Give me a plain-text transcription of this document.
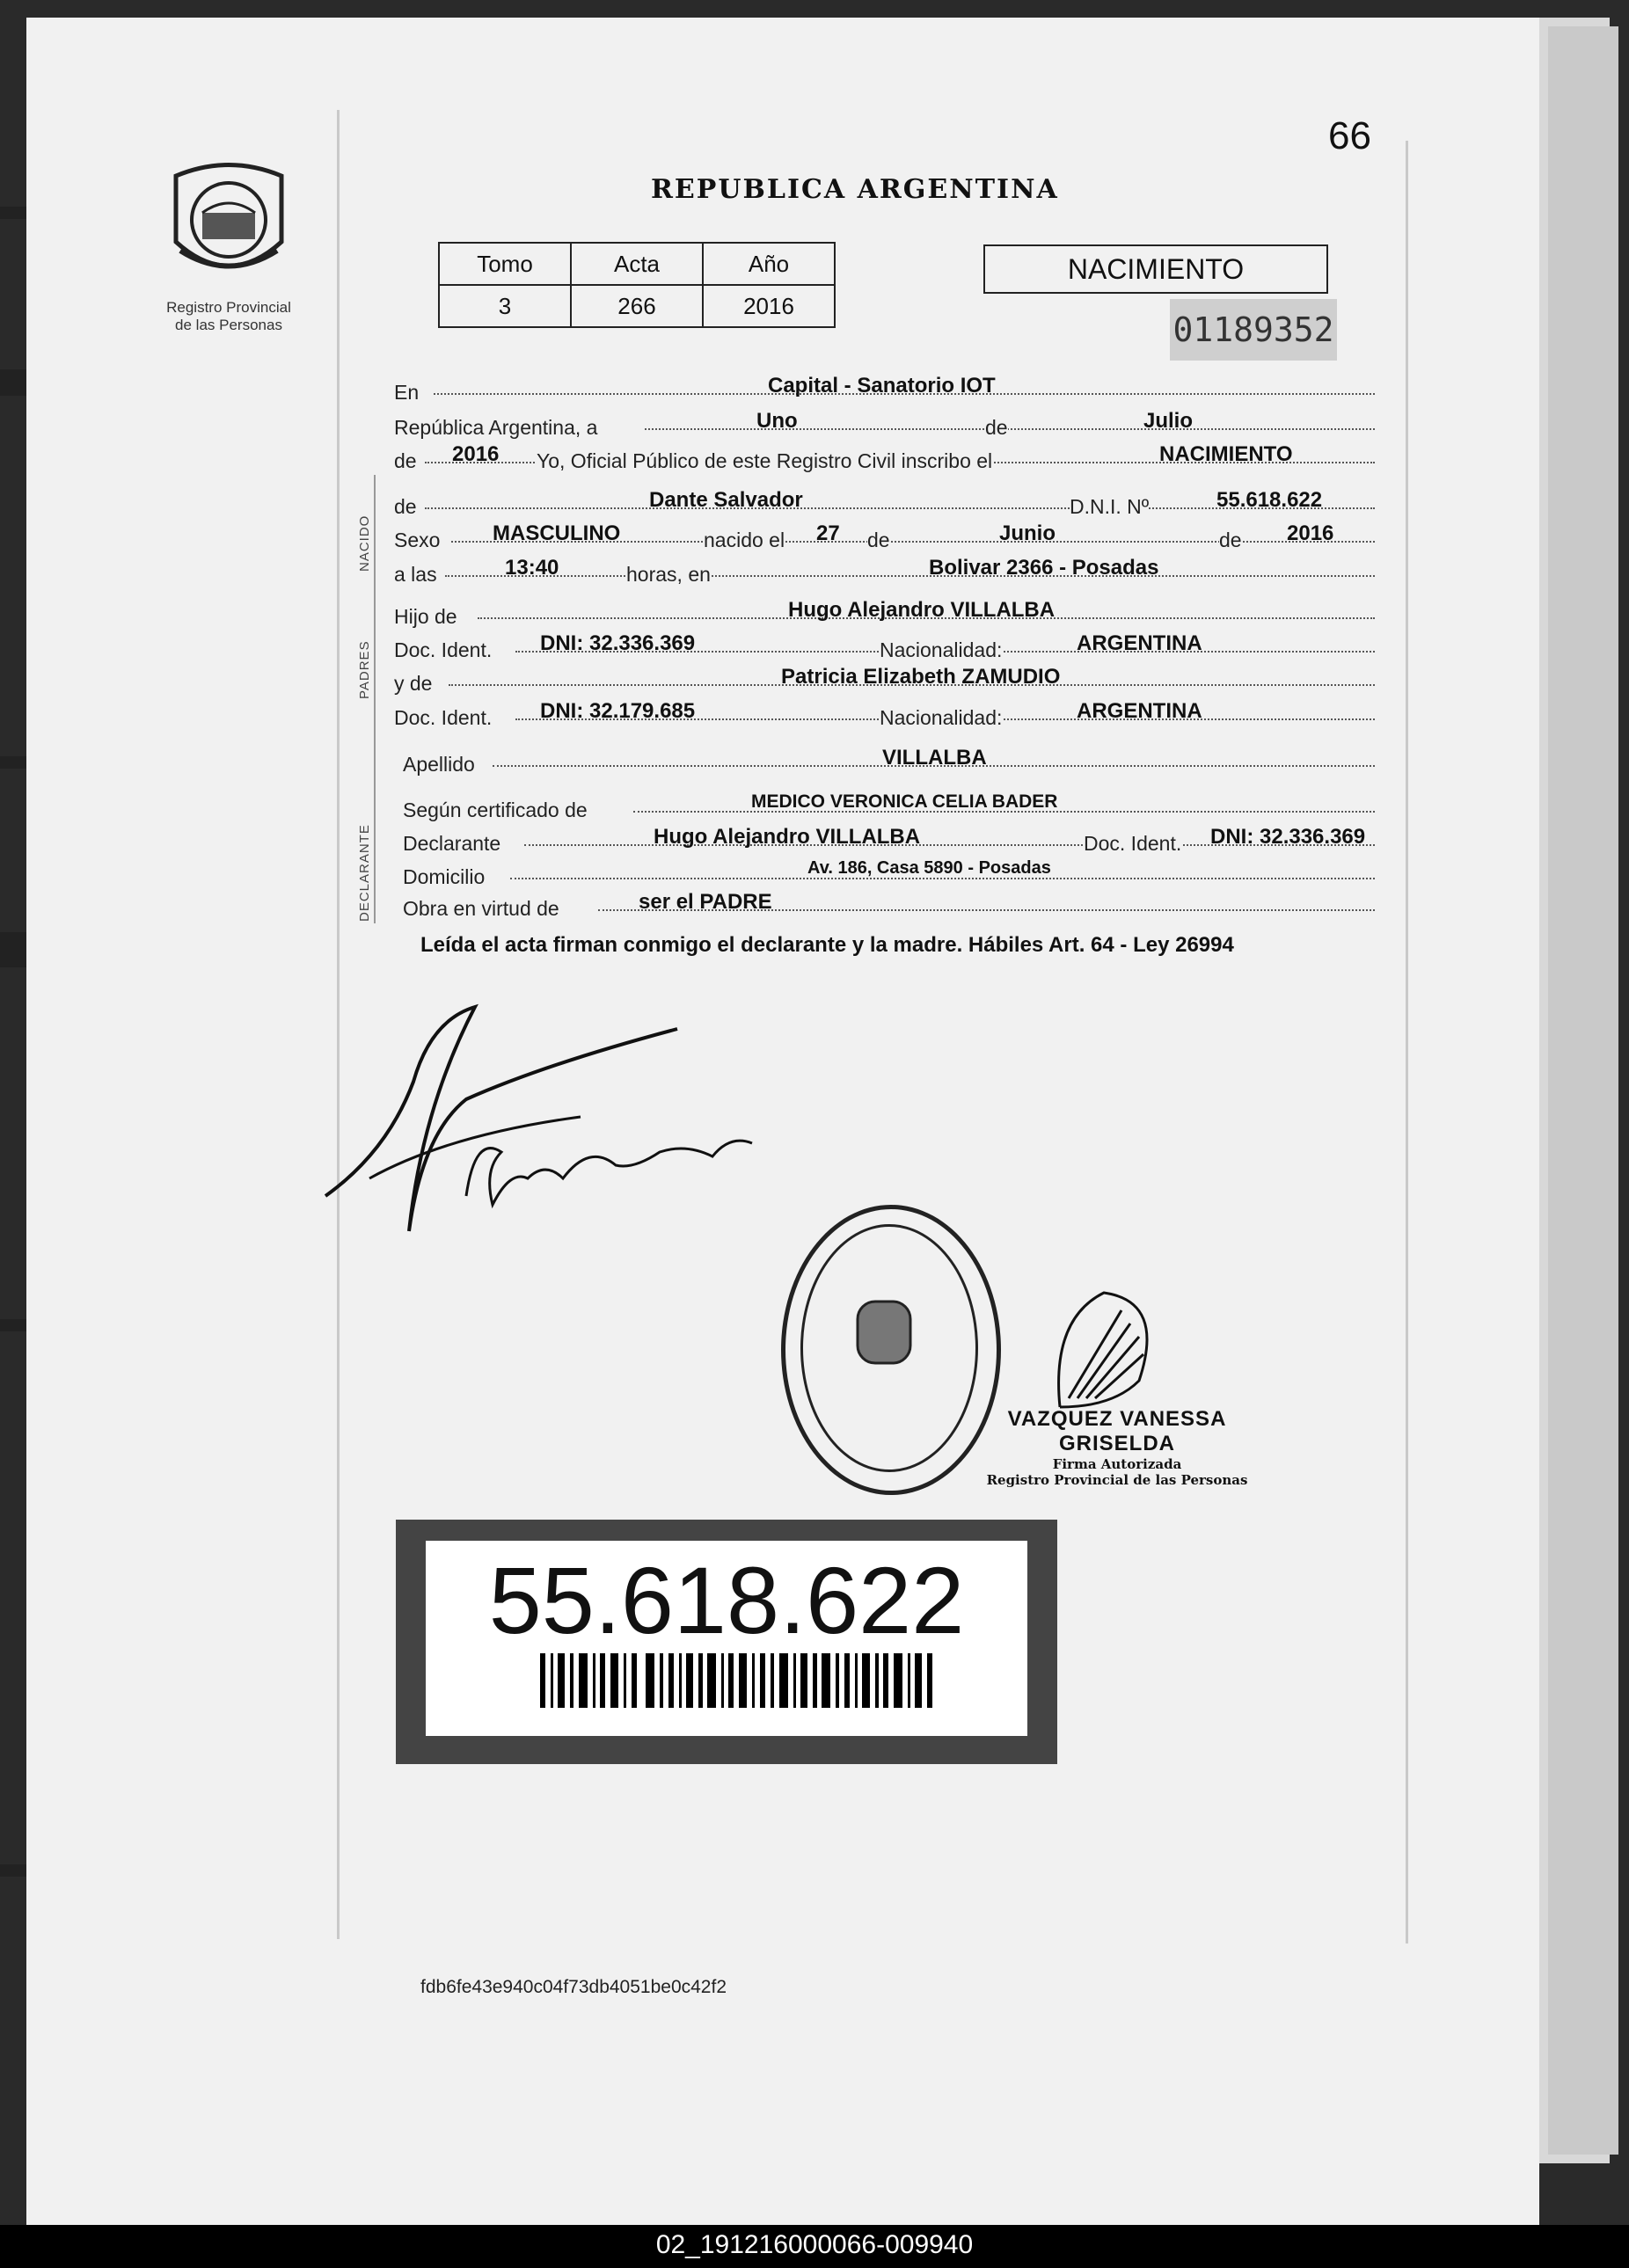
Registro Provincial
de las Personas
66
REPUBLICA ARGENTINA
Tomo	Acta	Año
3	266	2016
NACIMIENTO
01189352
NACIDO
PADRES
DECLARANTE
En	Capital - Sanatorio IOT
República Argentina, a	Uno	de	Julio
de 2016 Yo, Oficial Público de este Registro Civil inscribo el	NACIMIENTO
de	Dante Salvador	D.N.I. Nº	55.618.622
Sexo MASCULINO	nacido el 27 de	Junio	de 2016
a las	13:40	horas, en	Bolivar 2366 - Posadas
Hijo de	Hugo Alejandro VILLALBA
Doc. Ident. DNI: 32.336.369	Nacionalidad:	ARGENTINA
y de	Patricia Elizabeth ZAMUDIO
Doc. Ident. DNI: 32.179.685	Nacionalidad:	ARGENTINA
Apellido	VILLALBA
Según certificado de	MEDICO VERONICA CELIA BADER
Declarante	Hugo Alejandro VILLALBA	Doc. Ident. DNI: 32.336.369
Domicilio	Av. 186, Casa 5890 - Posadas
Obra en virtud de	ser el PADRE
Leída el acta firman conmigo el declarante y la madre. Hábiles Art. 64 - Ley 26994
VAZQUEZ VANESSA GRISELDA
Firma Autorizada
Registro Provincial de las Personas
55.618.622
fdb6fe43e940c04f73db4051be0c42f2
02_191216000066-009940
